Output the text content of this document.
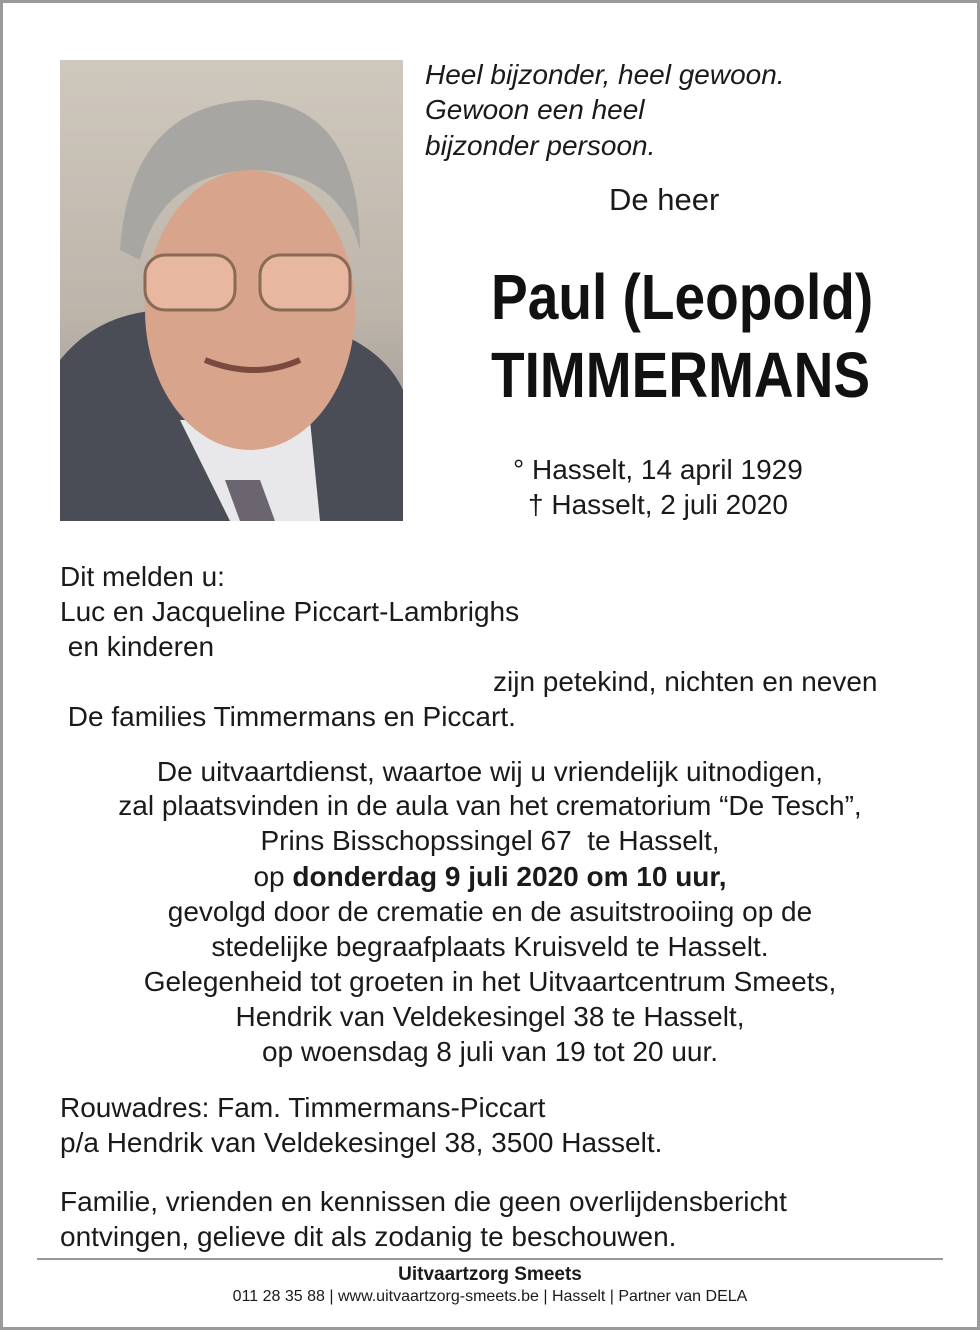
Heel bijzonder, heel gewoon.
Gewoon een heel
bijzonder persoon.
De heer
Paul (Leopold)
TIMMERMANS
° Hasselt, 14 april 1929
† Hasselt, 2 juli 2020
Dit melden u:
Luc en Jacqueline Piccart-Lambrighs
en kinderen
zijn petekind, nichten en neven
De families Timmermans en Piccart.
De uitvaartdienst, waartoe wij u vriendelijk uitnodigen,
zal plaatsvinden in de aula van het crematorium “De Tesch”,
Prins Bisschopssingel 67  te Hasselt,
op donderdag 9 juli 2020 om 10 uur,
gevolgd door de crematie en de asuitstrooiing op de
stedelijke begraafplaats Kruisveld te Hasselt.
Gelegenheid tot groeten in het Uitvaartcentrum Smeets,
Hendrik van Veldekesingel 38 te Hasselt,
op woensdag 8 juli van 19 tot 20 uur.
Rouwadres: Fam. Timmermans-Piccart
p/a Hendrik van Veldekesingel 38, 3500 Hasselt.
Familie, vrienden en kennissen die geen overlijdensbericht
ontvingen, gelieve dit als zodanig te beschouwen.
Uitvaartzorg Smeets
011 28 35 88 | www.uitvaartzorg-smeets.be | Hasselt | Partner van DELA
